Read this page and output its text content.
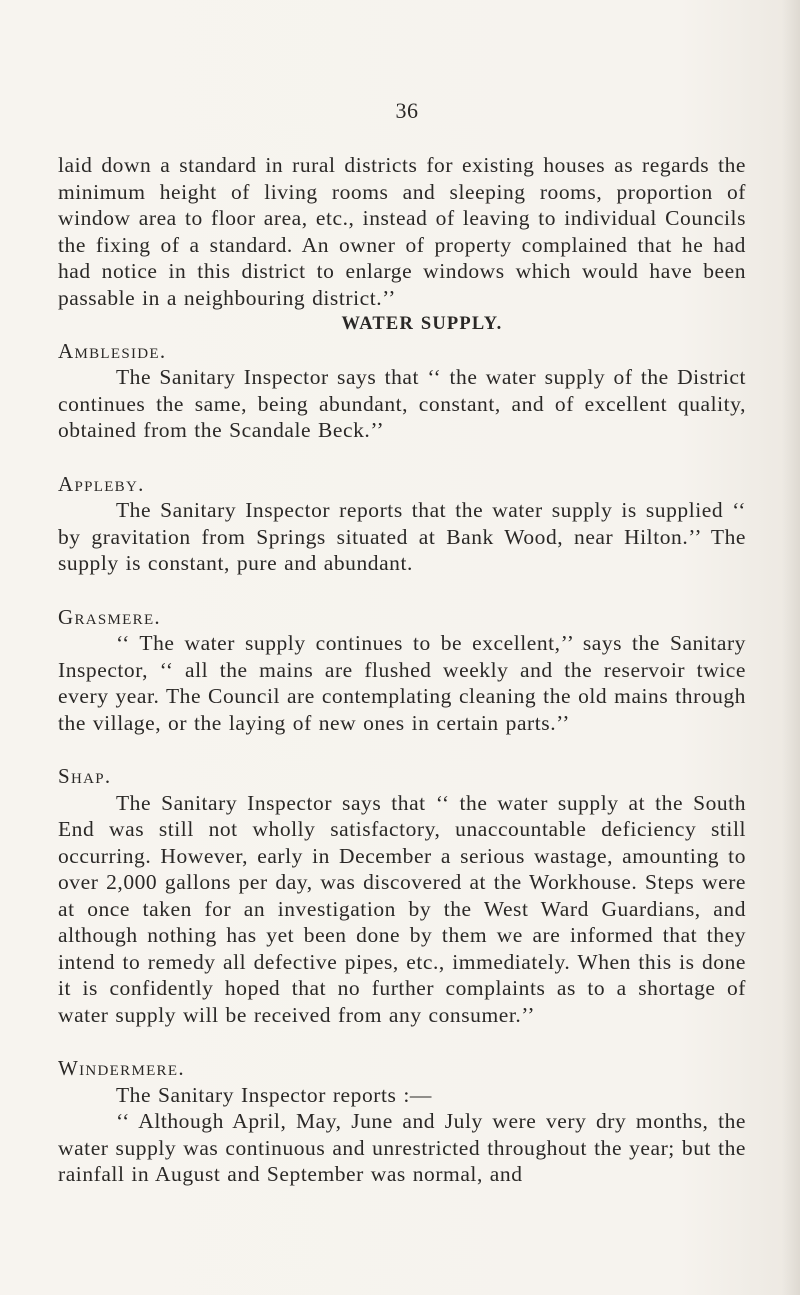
36

laid down a standard in rural districts for existing houses as regards the minimum height of living rooms and sleeping rooms, proportion of window area to floor area, etc., instead of leaving to individual Councils the fixing of a standard. An owner of property complained that he had had notice in this district to enlarge windows which would have been passable in a neighbouring district.’’

WATER SUPPLY.

Ambleside.

The Sanitary Inspector says that ‘‘ the water supply of the District continues the same, being abundant, constant, and of excellent quality, obtained from the Scandale Beck.’’

Appleby.

The Sanitary Inspector reports that the water supply is supplied ‘‘ by gravitation from Springs situated at Bank Wood, near Hilton.’’ The supply is constant, pure and abundant.

Grasmere.

‘‘ The water supply continues to be excellent,’’ says the Sanitary Inspector, ‘‘ all the mains are flushed weekly and the reservoir twice every year. The Council are contemplating cleaning the old mains through the village, or the laying of new ones in certain parts.’’

Shap.

The Sanitary Inspector says that ‘‘ the water supply at the South End was still not wholly satisfactory, unaccountable deficiency still occurring. However, early in December a serious wastage, amounting to over 2,000 gallons per day, was discovered at the Workhouse. Steps were at once taken for an investigation by the West Ward Guardians, and although nothing has yet been done by them we are informed that they intend to remedy all defective pipes, etc., immediately. When this is done it is confidently hoped that no further complaints as to a shortage of water supply will be received from any consumer.’’

Windermere.

The Sanitary Inspector reports :—

‘‘ Although April, May, June and July were very dry months, the water supply was continuous and unrestricted throughout the year; but the rainfall in August and September was normal, and
